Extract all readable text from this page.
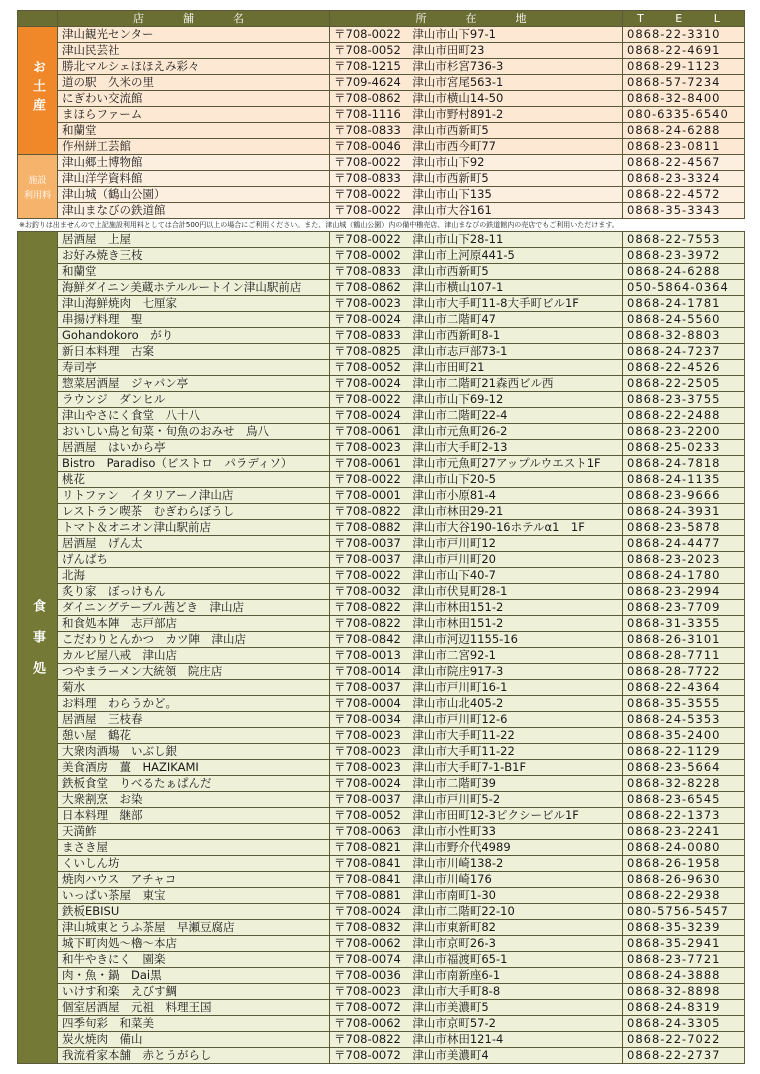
	店　舗　名	所　在　地	T E L
お土産	津山観光センター	〒708-0022　津山市山下97-1	0868-22-3310
	津山民芸社	〒708-0052　津山市田町23	0868-22-4691
	勝北マルシェほほえみ彩々	〒708-1215　津山市杉宮736-3	0868-29-1123
	道の駅　久米の里	〒709-4624　津山市宮尾563-1	0868-57-7234
	にぎわい交流館	〒708-0862　津山市横山14-50	0868-32-8400
	まほらファーム	〒708-1116　津山市野村891-2	080-6335-6540
	和蘭堂	〒708-0833　津山市西新町5	0868-24-6288
	作州絣工芸館	〒708-0046　津山市西今町77	0868-23-0811
施設
利用料	津山郷土博物館	〒708-0022　津山市山下92	0868-22-4567
	津山洋学資料館	〒708-0833　津山市西新町5	0868-23-3324
	津山城（鶴山公園）	〒708-0022　津山市山下135	0868-22-4572
	津山まなびの鉄道館	〒708-0022　津山市大谷161	0868-35-3343
※お釣りは出ませんので上記施設利用料としては合計500円以上の場合にご利用ください。また、津山城（鶴山公園）内の備中櫓売店、津山まなびの鉄道館内の売店でもご利用いただけます。
食事処	居酒屋　上屋	〒708-0022　津山市山下28-11	0868-22-7553
	お好み焼き三枝	〒708-0002　津山市上河原441-5	0868-23-3972
	和蘭堂	〒708-0833　津山市西新町5	0868-24-6288
	海鮮ダイニン美蔵ホテルルートイン津山駅前店	〒708-0862　津山市横山107-1	050-5864-0364
	津山海鮮焼肉　七厘家	〒708-0023　津山市大手町11-8大手町ビル1F	0868-24-1781
	串揚げ料理　聖	〒708-0024　津山市二階町47	0868-24-5560
	Gohandokoro　がり	〒708-0833　津山市西新町8-1	0868-32-8803
	新日本料理　古案	〒708-0825　津山市志戸部73-1	0868-24-7237
	寿司亭	〒708-0052　津山市田町21	0868-22-4526
	惣菜居酒屋　ジャパン亭	〒708-0024　津山市二階町21森西ビル西	0868-22-2505
	ラウンジ　ダンヒル	〒708-0022　津山市山下69-12	0868-23-3755
	津山やさにく食堂　八十八	〒708-0024　津山市二階町22-4	0868-22-2488
	おいしい鳥と旬菜・旬魚のおみせ　鳥八	〒708-0061　津山市元魚町26-2	0868-23-2200
	居酒屋　はいから亭	〒708-0023　津山市大手町2-13	0868-25-0233
	Bistro　Paradiso（ビストロ　パラディソ）	〒708-0061　津山市元魚町27アップルウエスト1F	0868-24-7818
	桃花	〒708-0022　津山市山下20-5	0868-24-1135
	リトファン　イタリアーノ津山店	〒708-0001　津山市小原81-4	0868-23-9666
	レストラン喫茶　むぎわらぼうし	〒708-0822　津山市林田29-21	0868-24-3931
	トマト＆オニオン津山駅前店	〒708-0882　津山市大谷190-16ホテルα1　1F	0868-23-5878
	居酒屋　げん太	〒708-0037　津山市戸川町12	0868-24-4477
	げんぱち	〒708-0037　津山市戸川町20	0868-23-2023
	北海	〒708-0022　津山市山下40-7	0868-24-1780
	炙り家　ぼっけもん	〒708-0032　津山市伏見町28-1	0868-23-2994
	ダイニングテーブル茜どき　津山店	〒708-0822　津山市林田151-2	0868-23-7709
	和食処本陣　志戸部店	〒708-0822　津山市林田151-2	0868-31-3355
	こだわりとんかつ　カツ陣　津山店	〒708-0842　津山市河辺1155-16	0868-26-3101
	カルビ屋八戒　津山店	〒708-0013　津山市二宮92-1	0868-28-7711
	つやまラーメン大統領　院庄店	〒708-0014　津山市院庄917-3	0868-28-7722
	菊水	〒708-0037　津山市戸川町16-1	0868-22-4364
	お料理　わらうかど。	〒708-0004　津山市山北405-2	0868-35-3555
	居酒屋　三枝春	〒708-0034　津山市戸川町12-6	0868-24-5353
	憩い屋　鶴花	〒708-0023　津山市大手町11-22	0868-35-2400
	大衆肉酒場　いぶし銀	〒708-0023　津山市大手町11-22	0868-22-1129
	美食酒房　薑　HAZIKAMI	〒708-0023　津山市大手町7-1-B1F	0868-23-5664
	鉄板食堂　りべるたぁぱんだ	〒708-0024　津山市二階町39	0868-32-8228
	大衆割烹　お染	〒708-0037　津山市戸川町5-2	0868-23-6545
	日本料理　継部	〒708-0052　津山市田町12-3ピクシービル1F	0868-22-1373
	天満鮓	〒708-0063　津山市小性町33	0868-23-2241
	まさき屋	〒708-0821　津山市野介代4989	0868-24-0080
	くいしん坊	〒708-0841　津山市川崎138-2	0868-26-1958
	焼肉ハウス　アチャコ	〒708-0841　津山市川崎176	0868-26-9630
	いっぱい茶屋　東宝	〒708-0881　津山市南町1-30	0868-22-2938
	鉄板EBISU	〒708-0024　津山市二階町22-10	080-5756-5457
	津山城東とうふ茶屋　早瀬豆腐店	〒708-0832　津山市東新町82	0868-35-3239
	城下町肉処～櫓～本店	〒708-0062　津山市京町26-3	0868-35-2941
	和牛やきにく　園楽	〒708-0074　津山市福渡町65-1	0868-23-7721
	肉・魚・鍋　Dai黒	〒708-0036　津山市南新座6-1	0868-24-3888
	いけす和楽　えびす鯛	〒708-0023　津山市大手町8-8	0868-32-8898
	個室居酒屋　元祖　料理王国	〒708-0072　津山市美濃町5	0868-24-8319
	四季旬彩　和菜美	〒708-0062　津山市京町57-2	0868-24-3305
	炭火焼肉　備山	〒708-0822　津山市林田121-4	0868-22-7022
	我流肴家本舗　赤とうがらし	〒708-0072　津山市美濃町4	0868-22-2737
